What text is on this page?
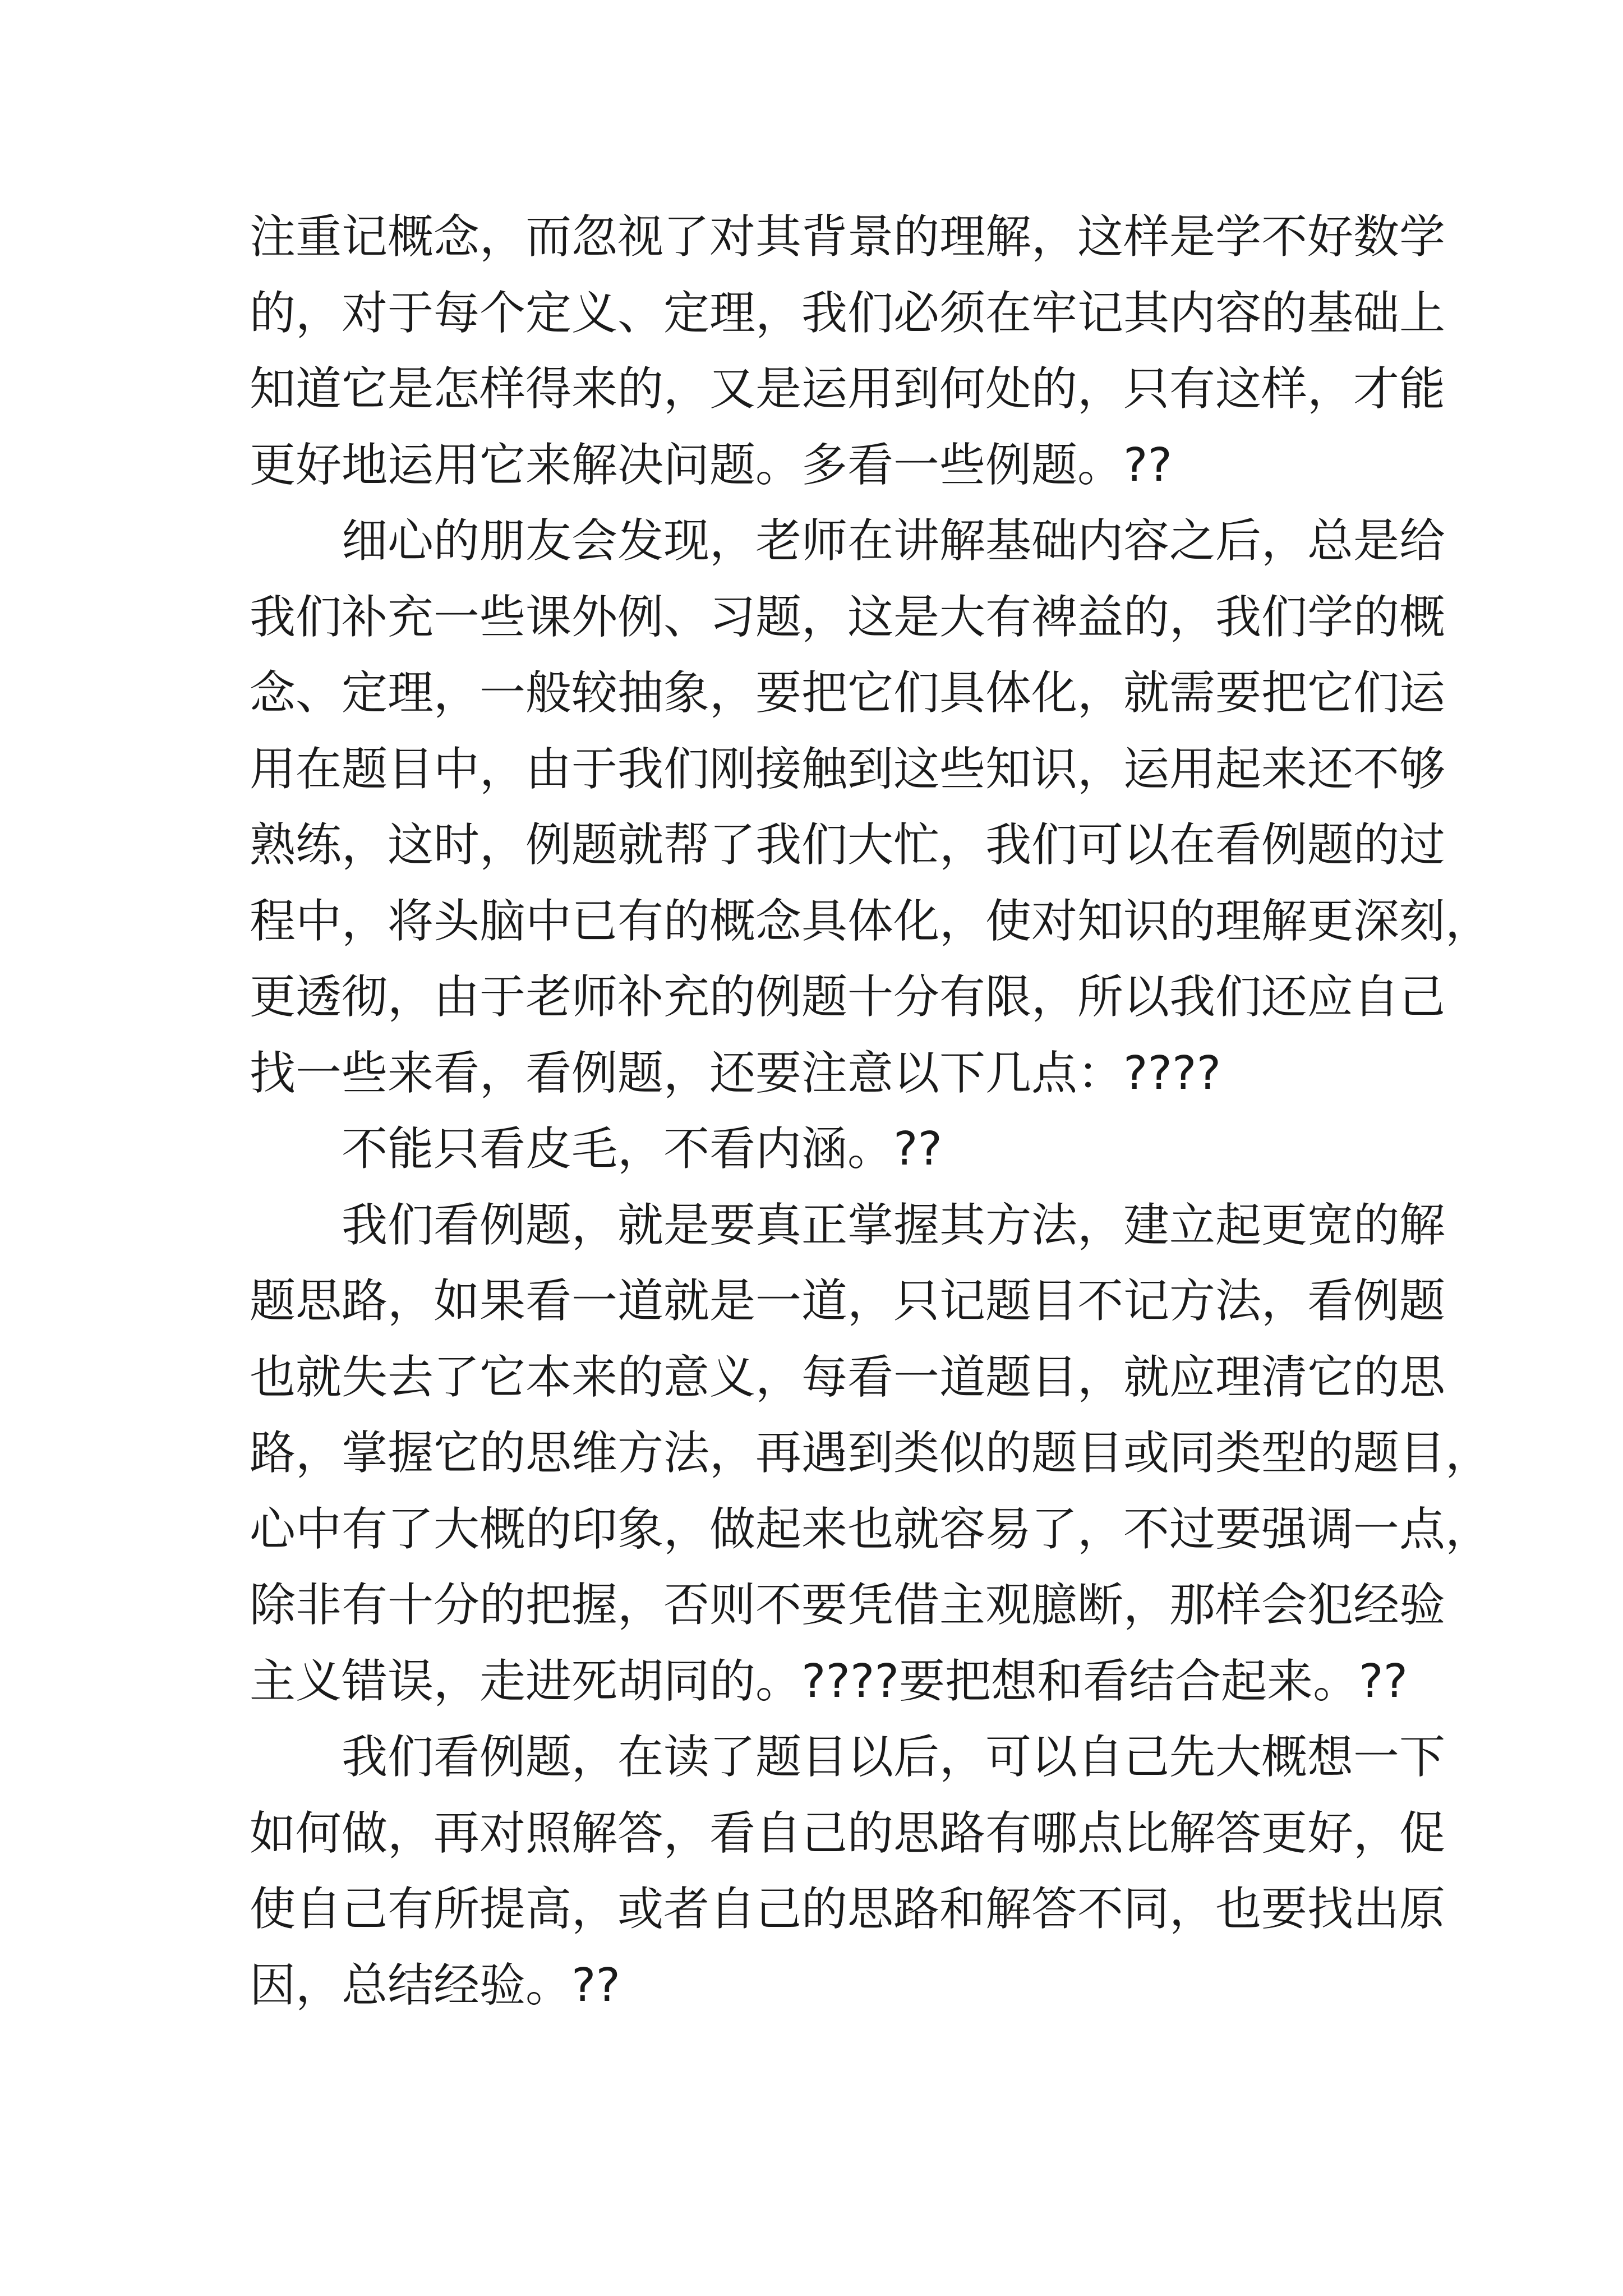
注重记概念，而忽视了对其背景的理解，这样是学不好数学
的，对于每个定义、定理，我们必须在牢记其内容的基础上
知道它是怎样得来的，又是运用到何处的，只有这样，才能
更好地运用它来解决问题。多看一些例题。??

细心的朋友会发现，老师在讲解基础内容之后，总是给
我们补充一些课外例、习题，这是大有裨益的，我们学的概
念、定理，一般较抽象，要把它们具体化，就需要把它们运
用在题目中，由于我们刚接触到这些知识，运用起来还不够
熟练，这时，例题就帮了我们大忙，我们可以在看例题的过
程中，将头脑中已有的概念具体化，使对知识的理解更深刻，
更透彻，由于老师补充的例题十分有限，所以我们还应自己
找一些来看，看例题，还要注意以下几点：????

不能只看皮毛，不看内涵。??

我们看例题，就是要真正掌握其方法，建立起更宽的解
题思路，如果看一道就是一道，只记题目不记方法，看例题
也就失去了它本来的意义，每看一道题目，就应理清它的思
路，掌握它的思维方法，再遇到类似的题目或同类型的题目，
心中有了大概的印象，做起来也就容易了，不过要强调一点，
除非有十分的把握，否则不要凭借主观臆断，那样会犯经验
主义错误，走进死胡同的。????要把想和看结合起来。??

我们看例题，在读了题目以后，可以自己先大概想一下
如何做，再对照解答，看自己的思路有哪点比解答更好，促
使自己有所提高，或者自己的思路和解答不同，也要找出原
因，总结经验。??
